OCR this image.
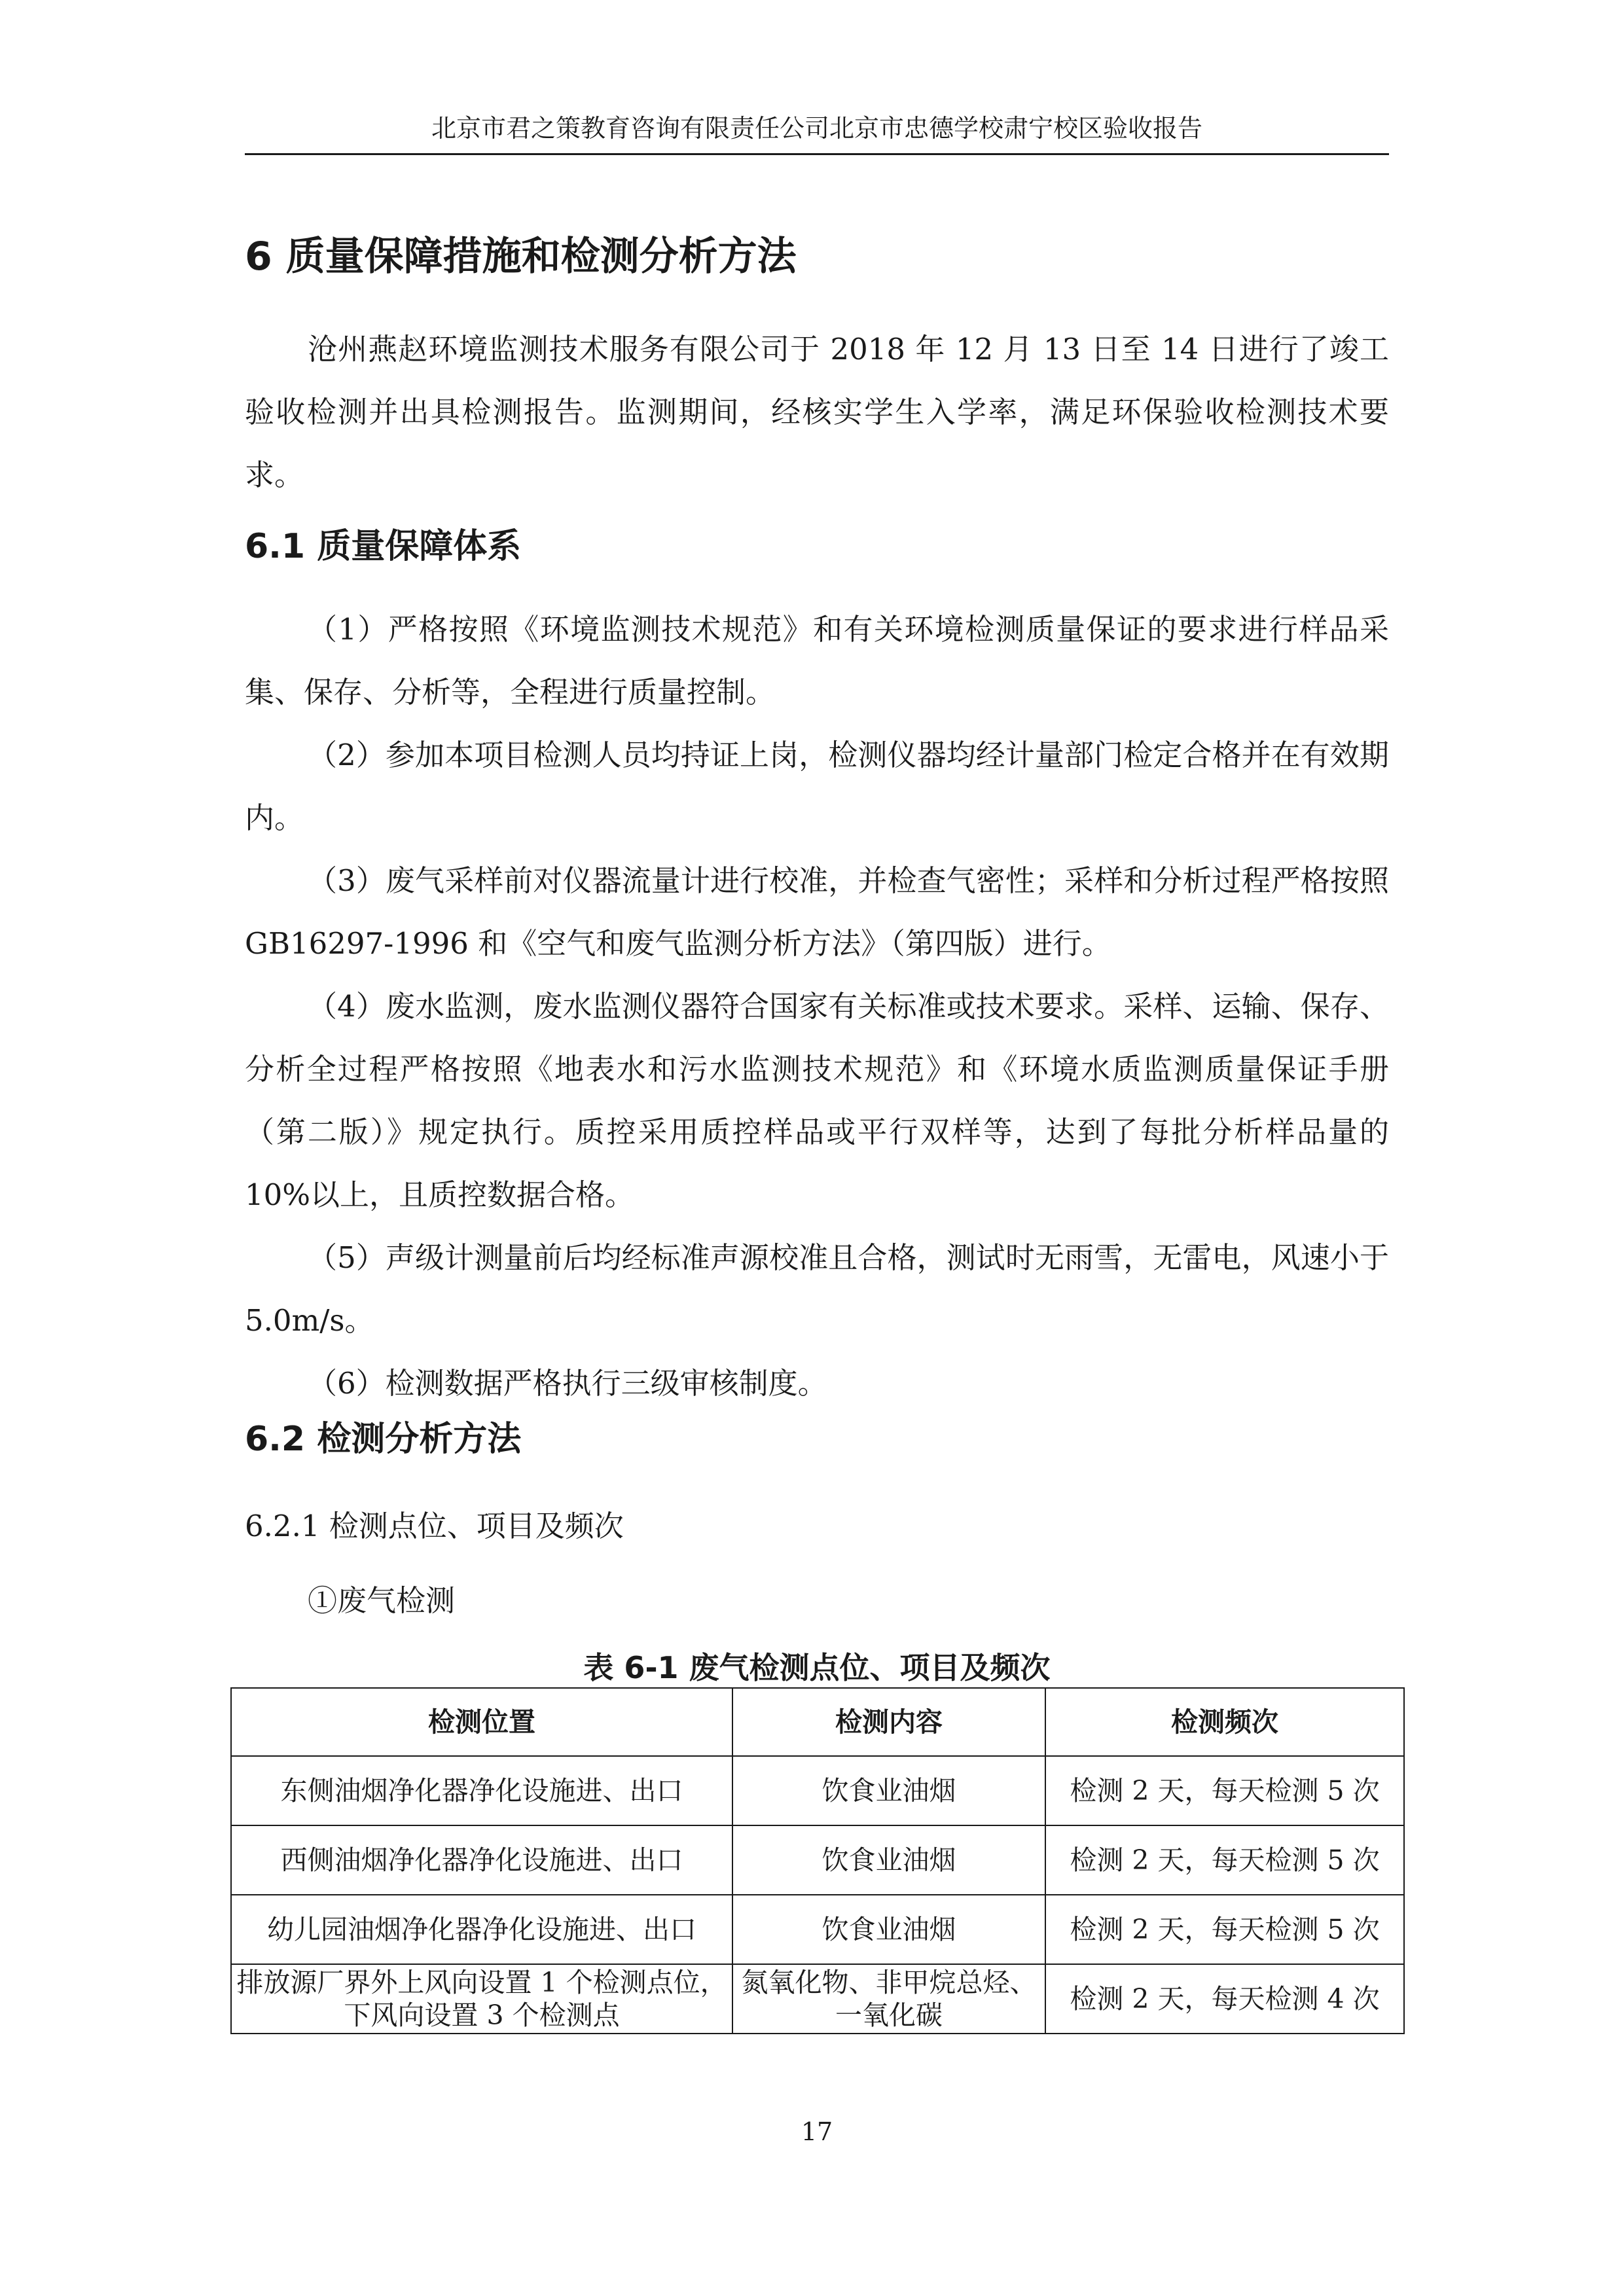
北京市君之策教育咨询有限责任公司北京市忠德学校肃宁校区验收报告
6 质量保障措施和检测分析方法
沧州燕赵环境监测技术服务有限公司于 2018 年 12 月 13 日至 14 日进行了竣工验收检测并出具检测报告。监测期间，经核实学生入学率，满足环保验收检测技术要求。
6.1 质量保障体系
（1）严格按照《环境监测技术规范》和有关环境检测质量保证的要求进行样品采集、保存、分析等，全程进行质量控制。
（2）参加本项目检测人员均持证上岗，检测仪器均经计量部门检定合格并在有效期内。
（3）废气采样前对仪器流量计进行校准，并检查气密性；采样和分析过程严格按照 GB16297-1996 和《空气和废气监测分析方法》（第四版）进行。
（4）废水监测，废水监测仪器符合国家有关标准或技术要求。采样、运输、保存、分析全过程严格按照《地表水和污水监测技术规范》和《环境水质监测质量保证手册（第二版）》规定执行。质控采用质控样品或平行双样等，达到了每批分析样品量的 10%以上，且质控数据合格。
（5）声级计测量前后均经标准声源校准且合格，测试时无雨雪，无雷电，风速小于 5.0m/s。
（6）检测数据严格执行三级审核制度。
6.2 检测分析方法
6.2.1 检测点位、项目及频次
①废气检测
表 6-1 废气检测点位、项目及频次
检测位置	检测内容	检测频次
东侧油烟净化器净化设施进、出口	饮食业油烟	检测 2 天，每天检测 5 次
西侧油烟净化器净化设施进、出口	饮食业油烟	检测 2 天，每天检测 5 次
幼儿园油烟净化器净化设施进、出口	饮食业油烟	检测 2 天，每天检测 5 次
排放源厂界外上风向设置 1 个检测点位，下风向设置 3 个检测点	氮氧化物、非甲烷总烃、一氧化碳	检测 2 天，每天检测 4 次
17
